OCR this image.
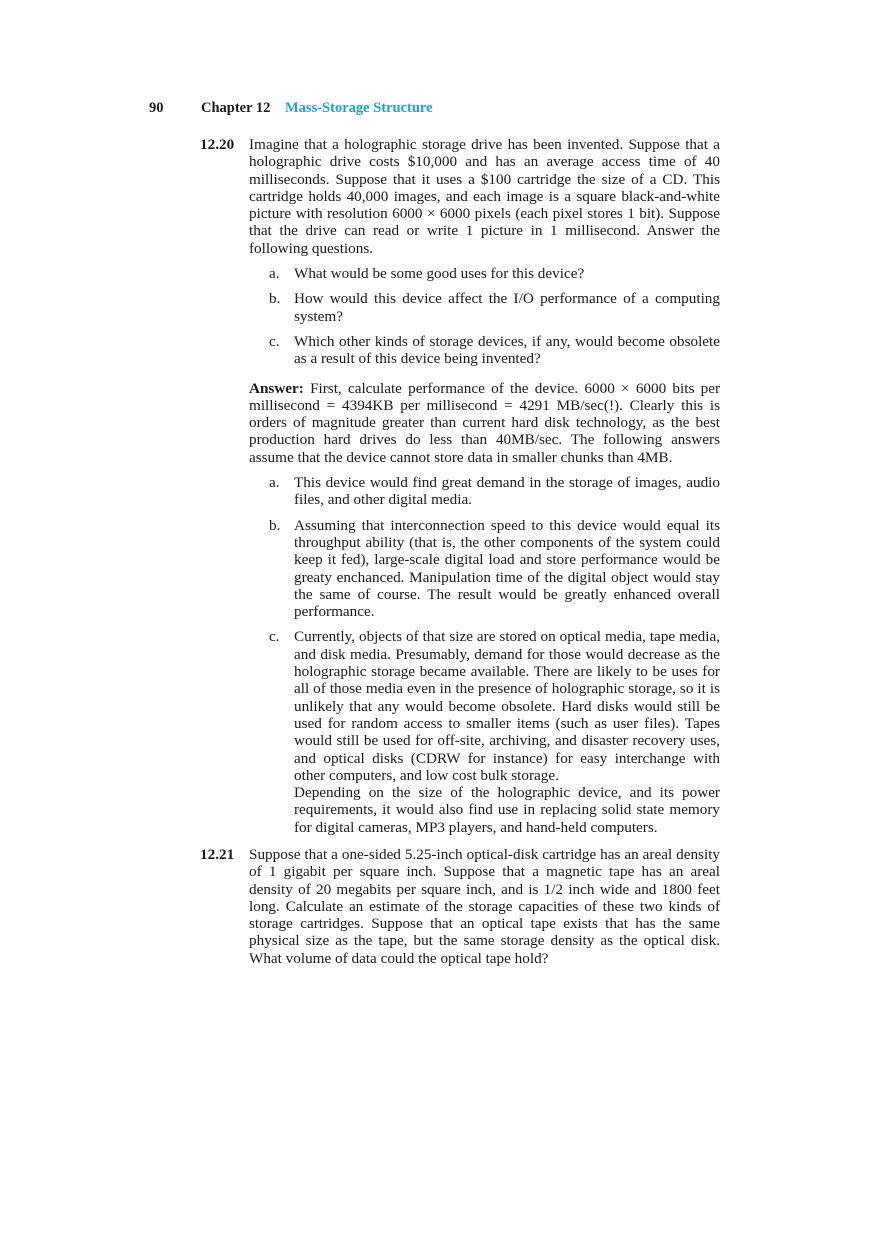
90	Chapter 12 Mass-Storage Structure
12.20 Imagine that a holographic storage drive has been invented. Suppose that a holographic drive costs $10,000 and has an average access time of 40 milliseconds. Suppose that it uses a $100 cartridge the size of a CD. This cartridge holds 40,000 images, and each image is a square black-and-white picture with resolution 6000 × 6000 pixels (each pixel stores 1 bit). Suppose that the drive can read or write 1 picture in 1 millisecond. Answer the following questions.

a. What would be some good uses for this device?

b. How would this device affect the I/O performance of a computing system?

c. Which other kinds of storage devices, if any, would become obsolete as a result of this device being invented?

Answer: First, calculate performance of the device. 6000 × 6000 bits per millisecond = 4394KB per millisecond = 4291 MB/sec(!). Clearly this is orders of magnitude greater than current hard disk technology, as the best production hard drives do less than 40MB/sec. The following answers assume that the device cannot store data in smaller chunks than 4MB.

a. This device would find great demand in the storage of images, audio files, and other digital media.

b. Assuming that interconnection speed to this device would equal its throughput ability (that is, the other components of the system could keep it fed), large-scale digital load and store performance would be greaty enchanced. Manipulation time of the digital object would stay the same of course. The result would be greatly enhanced overall performance.

c. Currently, objects of that size are stored on optical media, tape media, and disk media. Presumably, demand for those would decrease as the holographic storage became available. There are likely to be uses for all of those media even in the presence of holographic storage, so it is unlikely that any would become obsolete. Hard disks would still be used for random access to smaller items (such as user files). Tapes would still be used for off-site, archiving, and disaster recovery uses, and optical disks (CDRW for instance) for easy interchange with other computers, and low cost bulk storage.

Depending on the size of the holographic device, and its power requirements, it would also find use in replacing solid state memory for digital cameras, MP3 players, and hand-held computers.

12.21 Suppose that a one-sided 5.25-inch optical-disk cartridge has an areal density of 1 gigabit per square inch. Suppose that a magnetic tape has an areal density of 20 megabits per square inch, and is 1/2 inch wide and 1800 feet long. Calculate an estimate of the storage capacities of these two kinds of storage cartridges. Suppose that an optical tape exists that has the same physical size as the tape, but the same storage density as the optical disk. What volume of data could the optical tape hold?
